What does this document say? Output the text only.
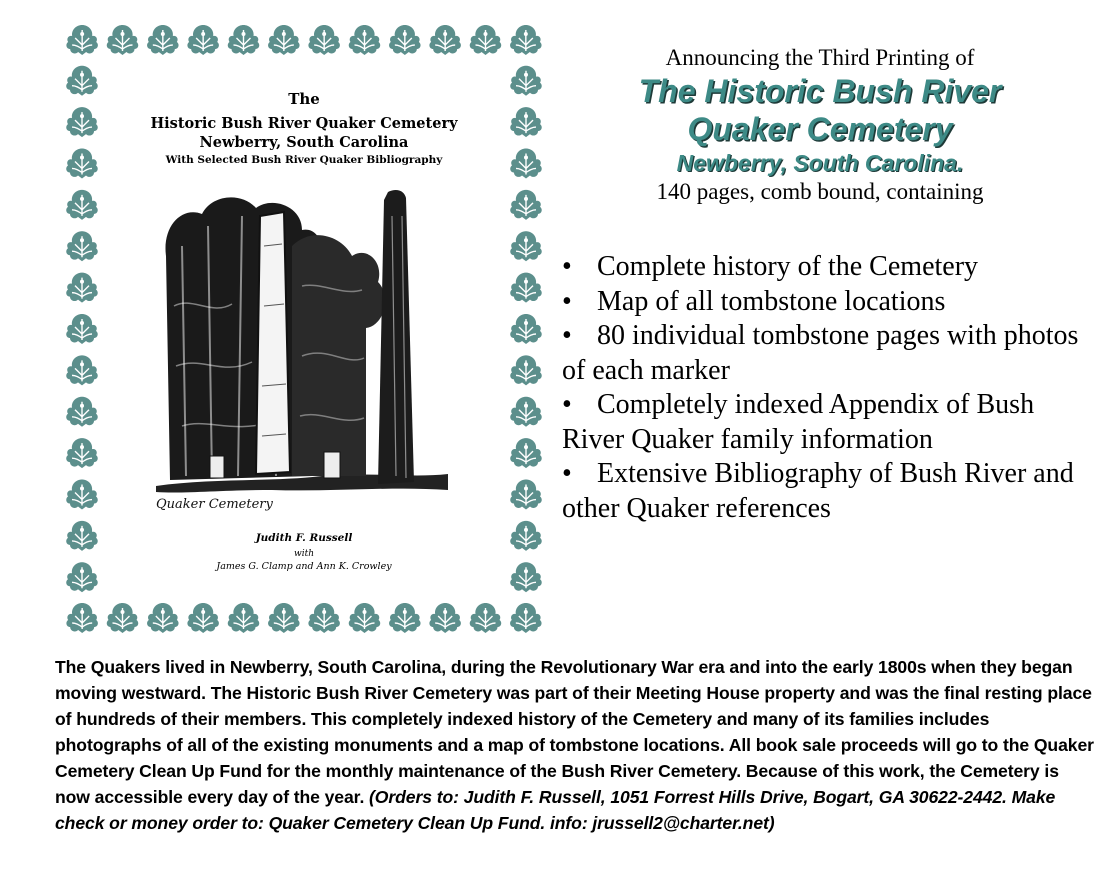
The
Historic Bush River Quaker Cemetery
Newberry, South Carolina
With Selected Bush River Quaker Bibliography
Quaker Cemetery
Judith F. Russell
with
James G. Clamp and Ann K. Crowley
Announcing the Third Printing of
The Historic Bush River
Quaker Cemetery
Newberry, South Carolina.
140 pages, comb bound, containing
• Complete history of the Cemetery
• Map of all tombstone locations
• 80 individual tombstone pages with photos of each marker
• Completely indexed Appendix of Bush River Quaker family information
• Extensive Bibliography of Bush River and other Quaker references
The Quakers lived in Newberry, South Carolina, during the Revolutionary War era and into the early 1800s when they began moving westward. The Historic Bush River Cemetery was part of their Meeting House property and was the final resting place of hundreds of their members. This completely indexed history of the Cemetery and many of its families includes photographs of all of the existing monuments and a map of tombstone locations. All book sale proceeds will go to the Quaker Cemetery Clean Up Fund for the monthly maintenance of the Bush River Cemetery. Because of this work, the Cemetery is now accessible every day of the year. (Orders to: Judith F. Russell, 1051 Forrest Hills Drive, Bogart, GA 30622-2442. Make check or money order to: Quaker Cemetery Clean Up Fund. info: jrussell2@charter.net)
